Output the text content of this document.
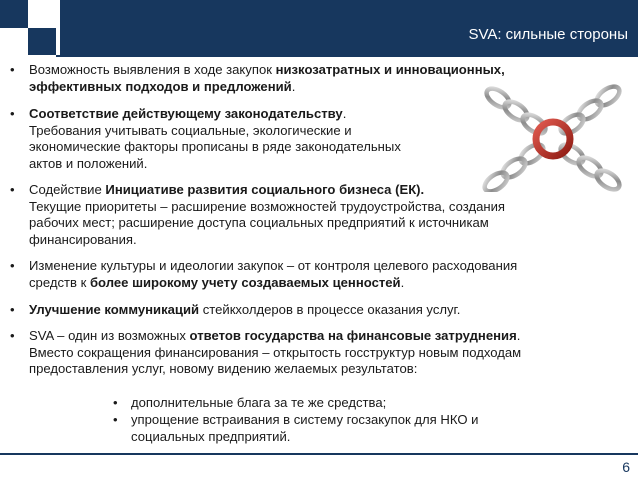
SVA: сильные стороны
• Возможность выявления в ходе закупок низкозатратных и инновационных,
эффективных подходов и предложений.
• Соответствие действующему законодательству.
Требования учитывать социальные, экологические и
экономические факторы прописаны в ряде законодательных
актов и положений.
• Содействие Инициативе развития социального бизнеса (ЕК).
Текущие приоритеты – расширение возможностей трудоустройства, создания
рабочих мест; расширение доступа социальных предприятий к источникам
финансирования.
• Изменение культуры и идеологии закупок – от контроля целевого расходования
средств к более широкому учету создаваемых ценностей.
• Улучшение коммуникаций стейкхолдеров в процессе оказания услуг.
• SVA – один из возможных ответов государства на финансовые затруднения.
Вместо сокращения финансирования – открытость госструктур новым подходам
предоставления услуг, новому видению желаемых результатов:
• дополнительные блага за те же средства;
• упрощение встраивания в систему госзакупок для НКО и
социальных предприятий.
6
